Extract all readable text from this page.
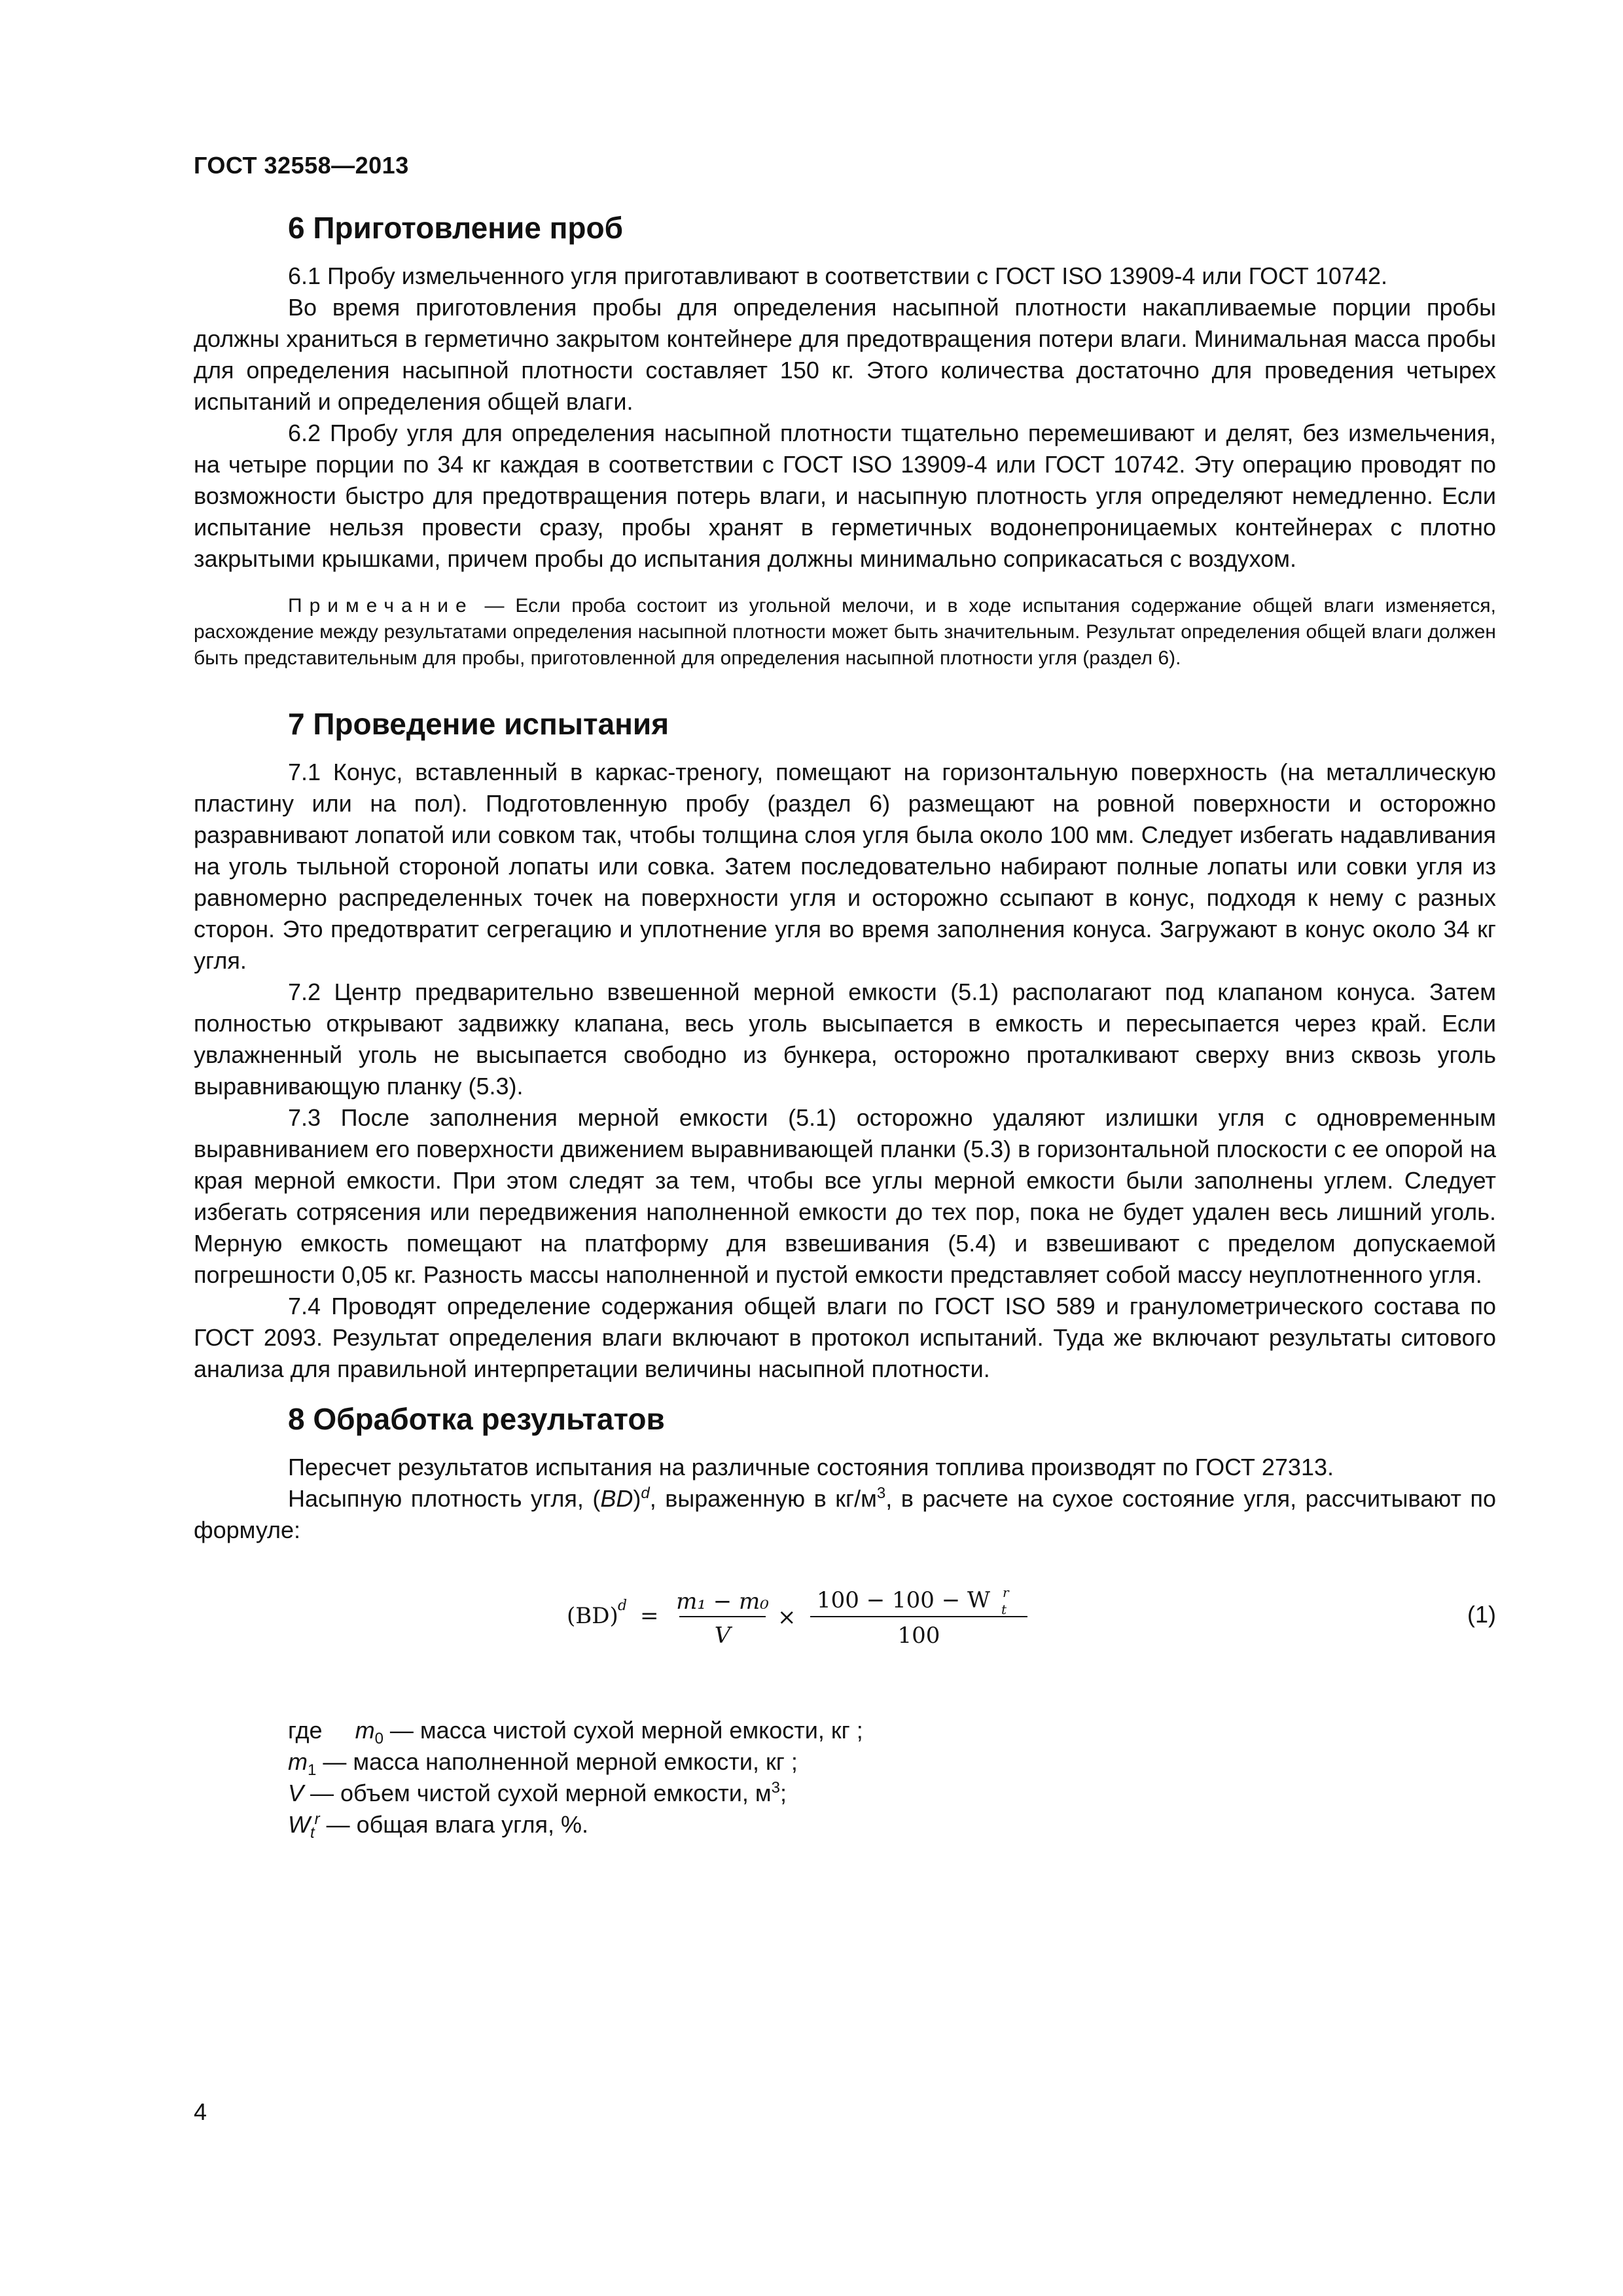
ГОСТ 32558—2013
6 Приготовление проб

6.1 Пробу измельченного угля приготавливают в соответствии с ГОСТ ISO 13909-4 или ГОСТ 10742.

Во время приготовления пробы для определения насыпной плотности накапливаемые порции пробы должны храниться в герметично закрытом контейнере для предотвращения потери влаги. Минимальная масса пробы для определения насыпной плотности составляет 150 кг. Этого количества достаточно для проведения четырех испытаний и определения общей влаги.

6.2 Пробу угля для определения насыпной плотности тщательно перемешивают и делят, без измельчения, на четыре порции по 34 кг каждая в соответствии с ГОСТ ISO 13909-4 или ГОСТ 10742. Эту операцию проводят по возможности быстро для предотвращения потерь влаги, и насыпную плотность угля определяют немедленно. Если испытание нельзя провести сразу, пробы хранят в герметичных водонепроницаемых контейнерах с плотно закрытыми крышками, причем пробы до испытания должны минимально соприкасаться с воздухом.

Примечание — Если проба состоит из угольной мелочи, и в ходе испытания содержание общей влаги изменяется, расхождение между результатами определения насыпной плотности может быть значительным. Результат определения общей влаги должен быть представительным для пробы, приготовленной для определения насыпной плотности угля (раздел 6).
7 Проведение испытания

7.1 Конус, вставленный в каркас-треногу, помещают на горизонтальную поверхность (на металлическую пластину или на пол). Подготовленную пробу (раздел 6) размещают на ровной поверхности и осторожно разравнивают лопатой или совком так, чтобы толщина слоя угля была около 100 мм. Следует избегать надавливания на уголь тыльной стороной лопаты или совка. Затем последовательно набирают полные лопаты или совки угля из равномерно распределенных точек на поверхности угля и осторожно ссыпают в конус, подходя к нему с разных сторон. Это предотвратит сегрегацию и уплотнение угля во время заполнения конуса. Загружают в конус около 34 кг угля.

7.2 Центр предварительно взвешенной мерной емкости (5.1) располагают под клапаном конуса. Затем полностью открывают задвижку клапана, весь уголь высыпается в емкость и пересыпается через край. Если увлажненный уголь не высыпается свободно из бункера, осторожно проталкивают сверху вниз сквозь уголь выравнивающую планку (5.3).

7.3 После заполнения мерной емкости (5.1) осторожно удаляют излишки угля с одновременным выравниванием его поверхности движением выравнивающей планки (5.3) в горизонтальной плоскости с ее опорой на края мерной емкости. При этом следят за тем, чтобы все углы мерной емкости были заполнены углем. Следует избегать сотрясения или передвижения наполненной емкости до тех пор, пока не будет удален весь лишний уголь. Мерную емкость помещают на платформу для взвешивания (5.4) и взвешивают с пределом допускаемой погрешности 0,05 кг. Разность массы наполненной и пустой емкости представляет собой массу неуплотненного угля.

7.4 Проводят определение содержания общей влаги по ГОСТ ISO 589 и гранулометрического состава по ГОСТ 2093. Результат определения влаги включают в протокол испытаний. Туда же включают результаты ситового анализа для правильной интерпретации величины насыпной плотности.

8 Обработка результатов

Пересчет результатов испытания на различные состояния топлива производят по ГОСТ 27313.

Насыпную плотность угля, (BD)$^d$, выраженную в $кг/м^3$, в расчете на сухое состояние угля, рассчитывают по формуле:

(BD) d =
m₁ − m₀
V
×
100 − 100 − W t
r
100
(1)
где $m_0$ — масса чистой сухой мерной емкости, кг ;
$m_1$ — масса наполненной мерной емкости, кг ;
V — объем чистой сухой мерной емкости, $м^3$;
$W_t^r$ — общая влага угля, %.
4
